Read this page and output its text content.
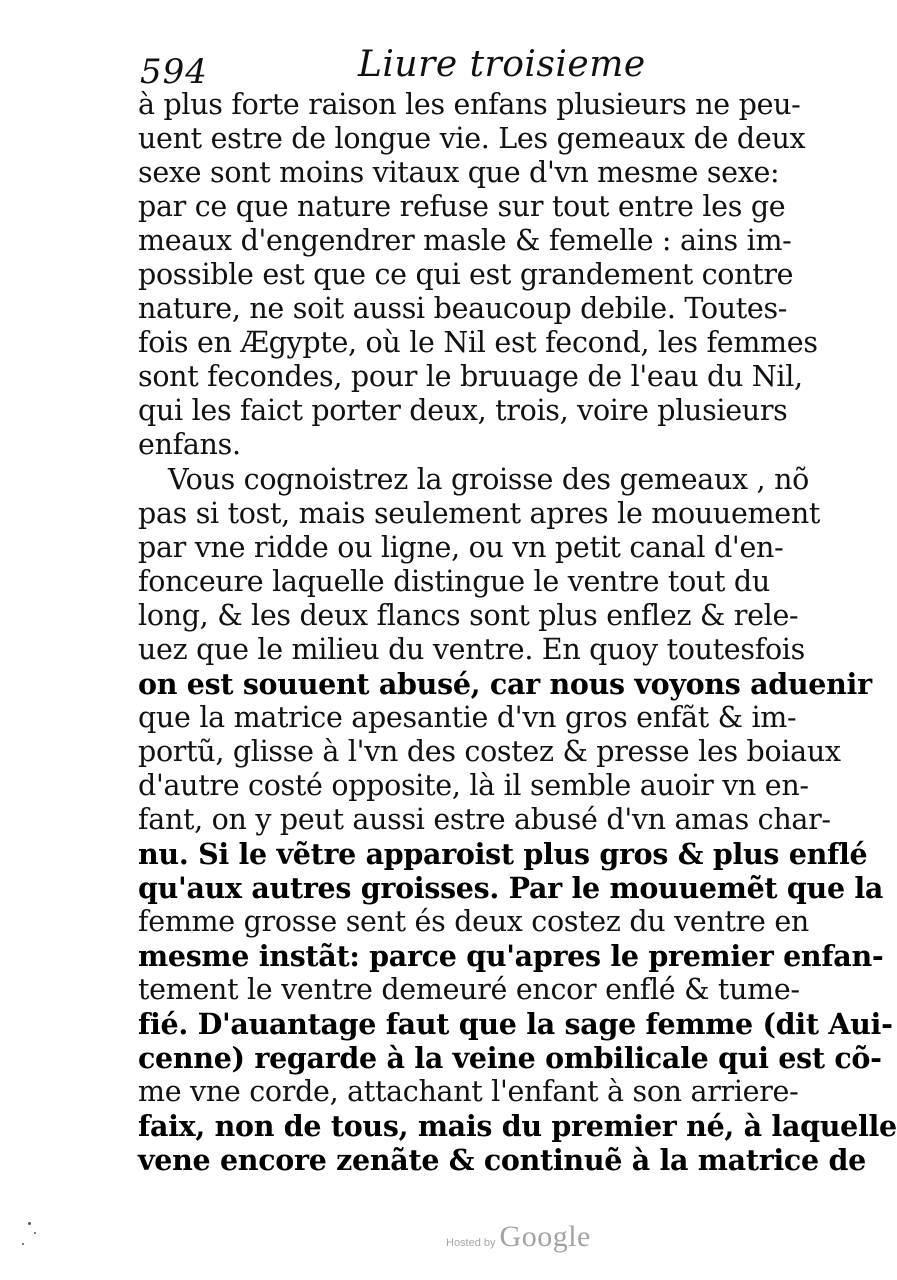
594	Liure troisieme
à plus forte raison les enfans plusieurs ne peu-
uent estre de longue vie. Les gemeaux de deux
sexe sont moins vitaux que d'vn mesme sexe:
par ce que nature refuse sur tout entre les ge
meaux d'engendrer masle & femelle : ains im-
possible est que ce qui est grandement contre
nature, ne soit aussi beaucoup debile. Toutes-
fois en Ægypte, où le Nil est fecond, les femmes
sont fecondes, pour le bruuage de l'eau du Nil,
qui les faict porter deux, trois, voire plusieurs
enfans.
Vous cognoistrez la groisse des gemeaux , nõ
pas si tost, mais seulement apres le mouuement
par vne ridde ou ligne, ou vn petit canal d'en-
fonceure laquelle distingue le ventre tout du
long, & les deux flancs sont plus enflez & rele-
uez que le milieu du ventre. En quoy toutesfois
on est souuent abusé, car nous voyons aduenir
que la matrice apesantie d'vn gros enfãt & im-
portũ, glisse à l'vn des costez & presse les boiaux
d'autre costé opposite, là il semble auoir vn en-
fant, on y peut aussi estre abusé d'vn amas char-
nu. Si le vẽtre apparoist plus gros & plus enflé
qu'aux autres groisses. Par le mouuemẽt que la
femme grosse sent és deux costez du ventre en
mesme instãt: parce qu'apres le premier enfan-
tement le ventre demeuré encor enflé & tume-
fié. D'auantage faut que la sage femme (dit Aui-
cenne) regarde à la veine ombilicale qui est cõ-
me vne corde, attachant l'enfant à son arriere-
faix, non de tous, mais du premier né, à laquelle
vene encore zenãte & continuẽ à la matrice de
Hosted by Google
